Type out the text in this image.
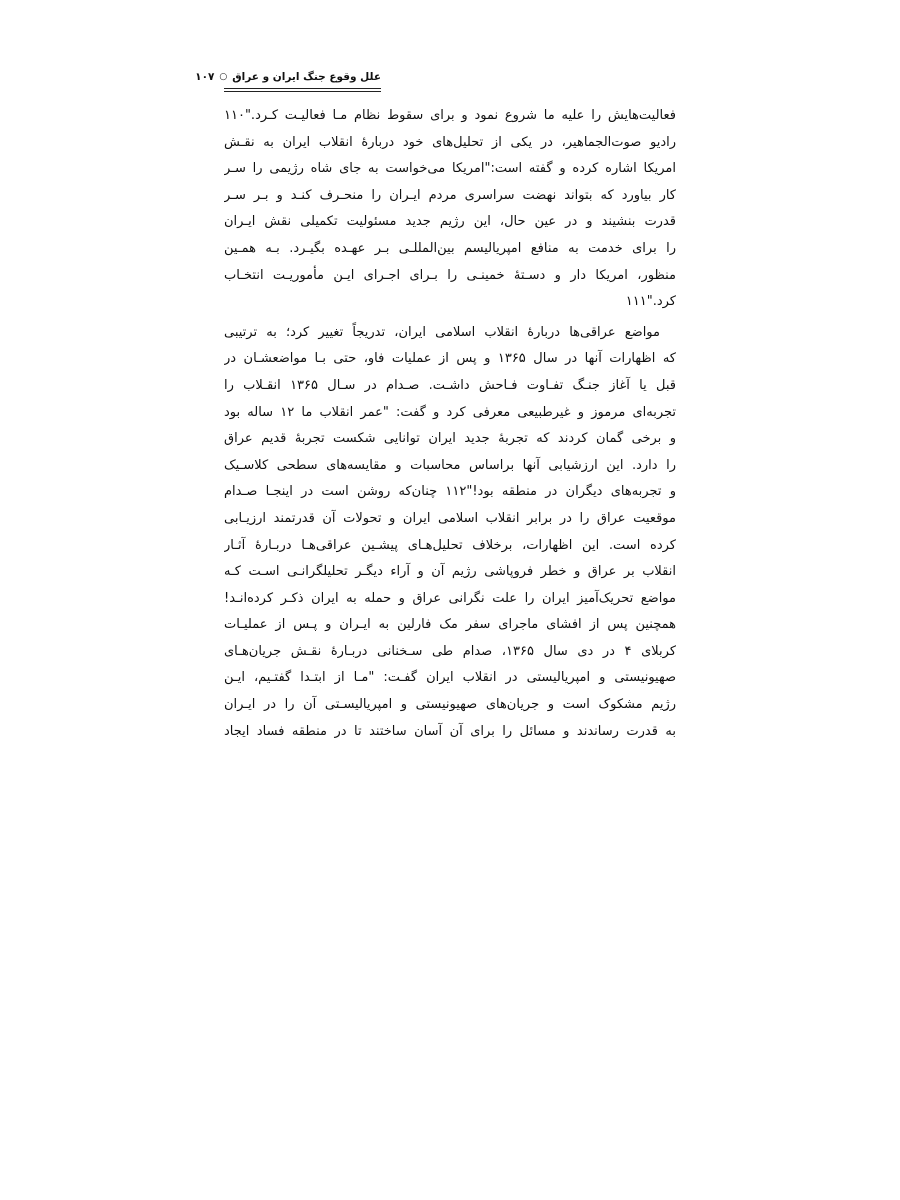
علل وقوع جنگ ایران و عراق
○
۱۰۷
فعالیت‌هایش را علیه ما شروع نمود و برای سقوط نظام مـا فعالیـت کـرد."۱۱۰
رادیو صوت‌الجماهیر، در یکی از تحلیل‌های خود دربارۀ انقلاب ایران به نقـش
امریکا اشاره کرده و گفته است:"امریکا می‌خواست به جای شاه رژیمی را سـر
کار بیاورد که بتواند نهضت سراسری مردم ایـران را منحـرف کنـد و بـر سـر
قدرت بنشیند و در عین حال، این رژیم جدید مسئولیت تکمیلی نقش ایـران
را برای خدمت به منافع امپریالیسم بین‌المللـی بـر عهـده بگیـرد. بـه همـین
منظور، امریکا دار و دسـتۀ خمینـی را بـرای اجـرای ایـن مأموریـت انتخـاب
کرد."۱۱۱
مواضع عراقی‌ها دربارۀ انقلاب اسلامی ایران، تدریجاً تغییر کرد؛ به ترتیبی
که اظهارات آنها در سال ۱۳۶۵ و پس از عملیات فاو، حتی بـا مواضعشـان در
قبل یا آغاز جنـگ تفـاوت فـاحش داشـت. صـدام در سـال ۱۳۶۵ انقـلاب را
تجربه‌ای مرموز و غیرطبیعی معرفی کرد و گفت: "عمر انقلاب ما ۱۲ ساله بود
و برخی گمان کردند که تجربۀ جدید ایران توانایی شکست تجربۀ قدیم عراق
را دارد. این ارزشیابی آنها براساس محاسبات و مقایسه‌های سطحی کلاسـیک
و تجربه‌های دیگران در منطقه بود!"۱۱۲ چنان‌که روشن است در اینجـا صـدام
موقعیت عراق را در برابر انقلاب اسلامی ایران و تحولات آن قدرتمند ارزیـابی
کرده است. این اظهارات، برخلاف تحلیل‌هـای پیشـین عراقی‌هـا دربـارۀ آثـار
انقلاب بر عراق و خطر فروپاشی رژیم آن و آراء دیگـر تحلیلگرانـی اسـت کـه
مواضع تحریک‌آمیز ایران را علت نگرانی عراق و حمله به ایران ذکـر کرده‌انـد!
همچنین پس از افشای ماجرای سفر مک فارلین به ایـران و پـس از عملیـات
کربلای ۴ در دی سال ۱۳۶۵، صدام طی سـخنانی دربـارۀ نقـش جریان‌هـای
صهیونیستی و امپریالیستی در انقلاب ایران گفـت: "مـا از ابتـدا گفتـیم، ایـن
رژیم مشکوک است و جریان‌های صهیونیستی و امپریالیسـتی آن را در ایـران
به قدرت رساندند و مسائل را برای آن آسان ساختند تا در منطقه فساد ایجاد
